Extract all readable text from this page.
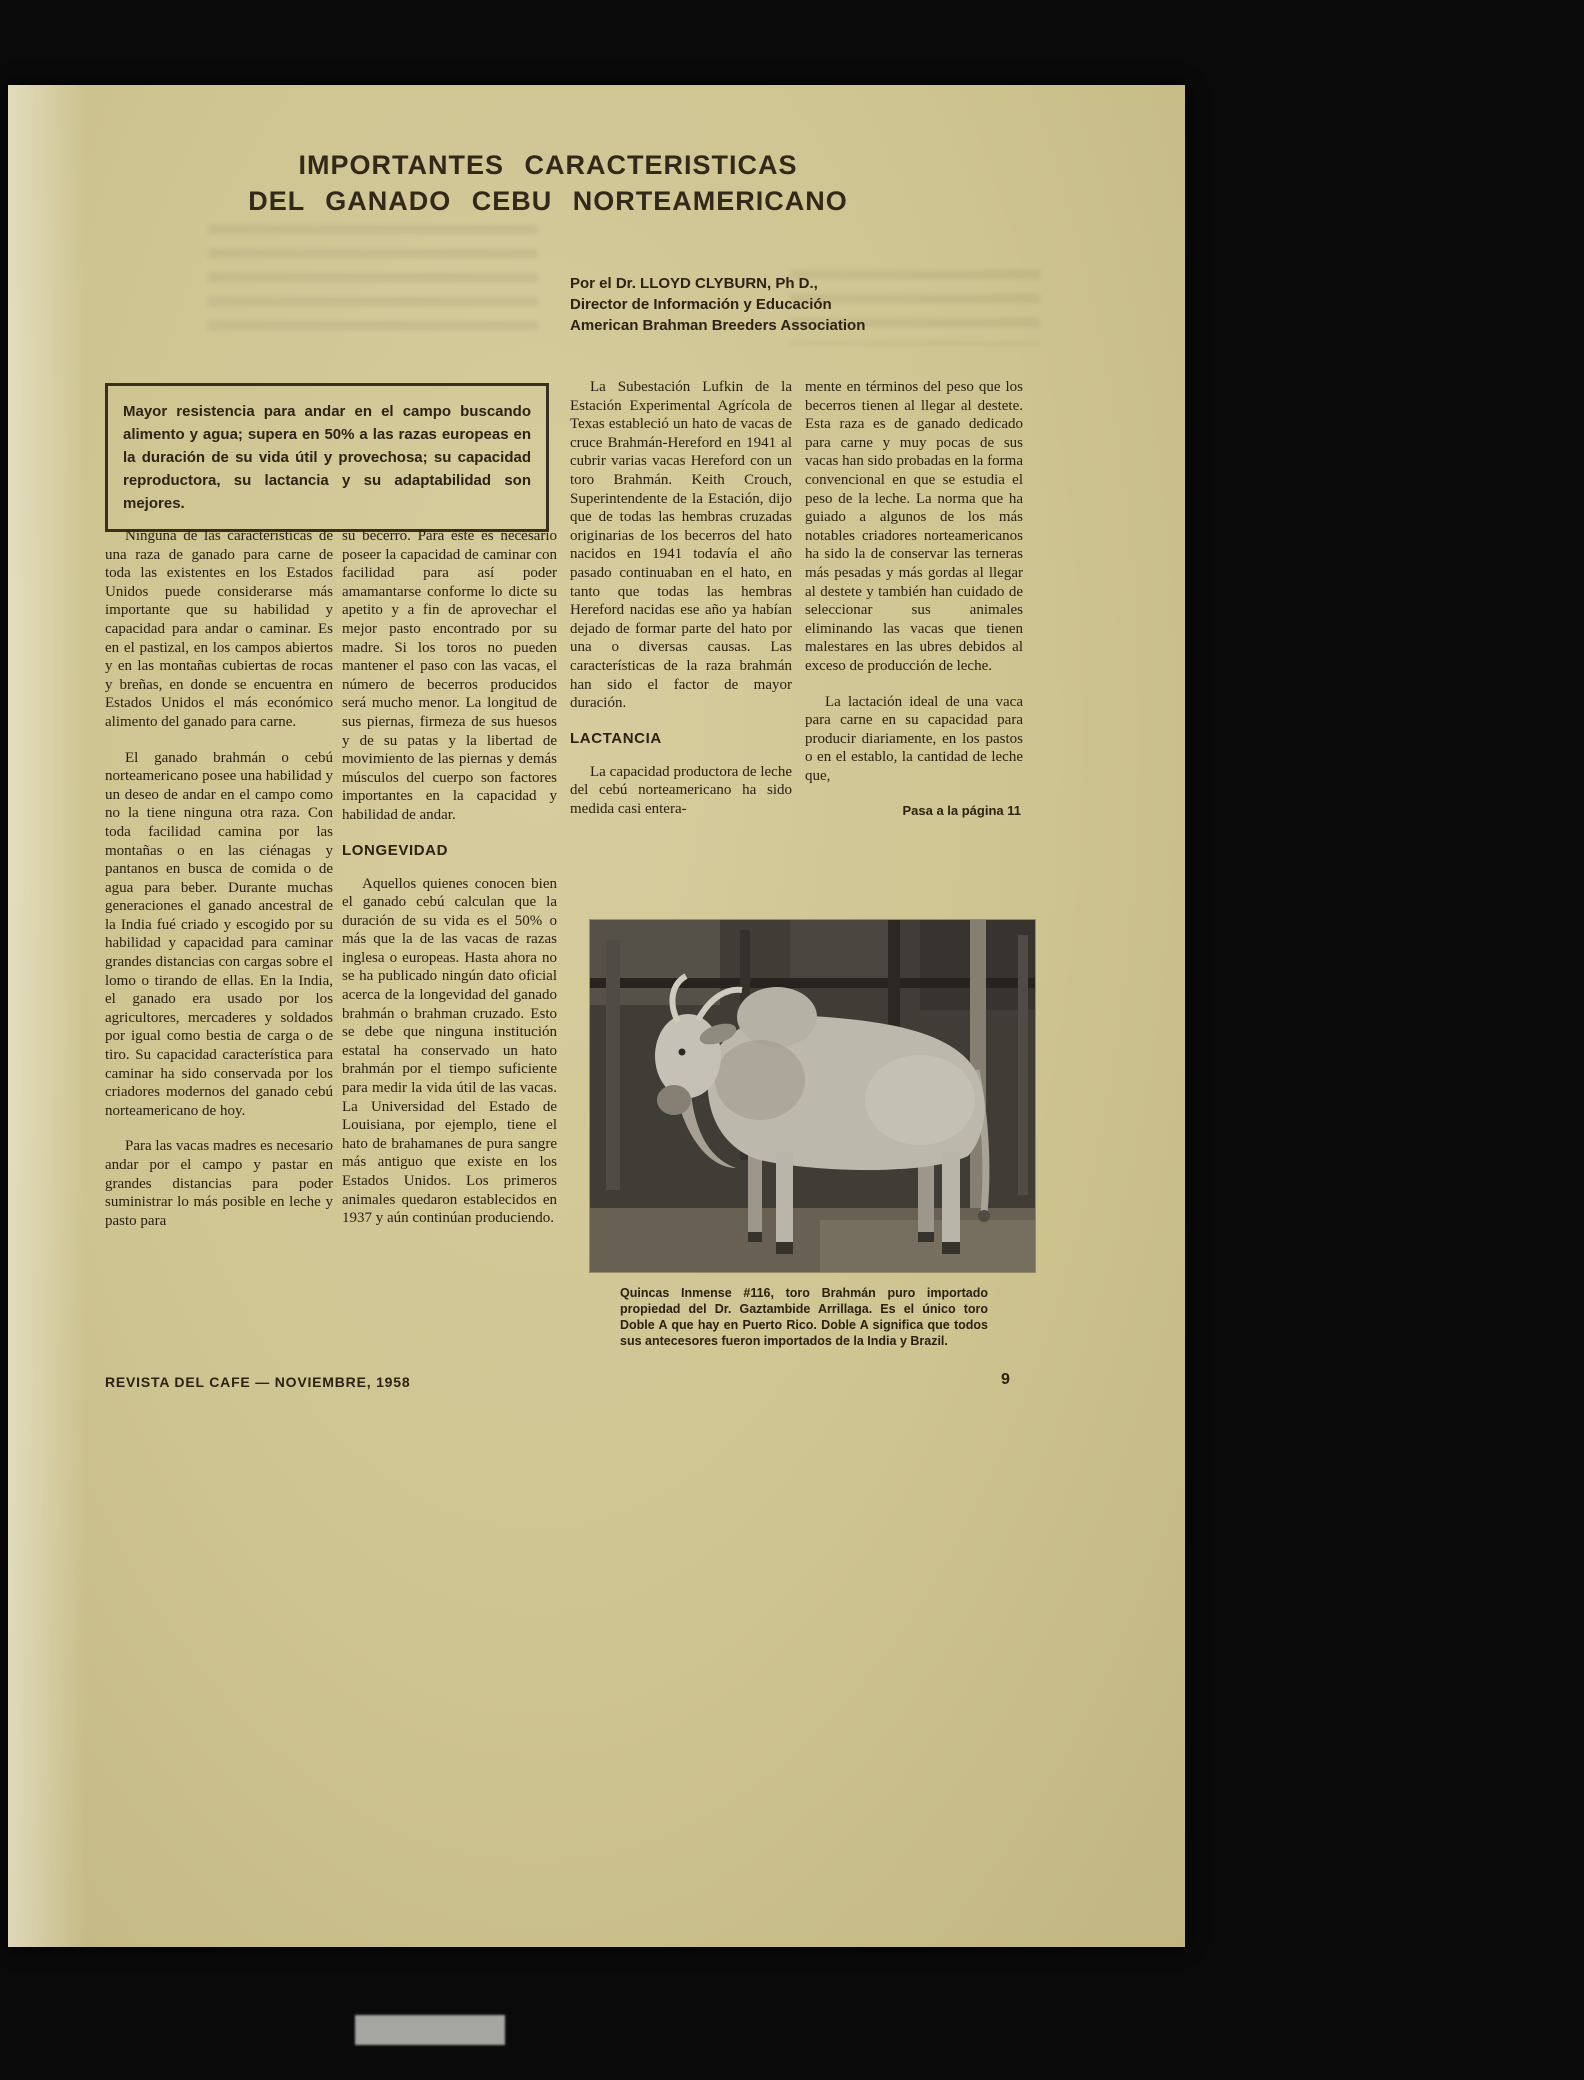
IMPORTANTES CARACTERISTICAS
DEL GANADO CEBU NORTEAMERICANO
Por el Dr. LLOYD CLYBURN, Ph D.,
Director de Información y Educación
American Brahman Breeders Association
Mayor resistencia para andar en el campo buscando alimento y agua; supera en 50% a las razas europeas en la duración de su vida útil y provechosa; su capacidad reproductora, su lactancia y su adaptabilidad son mejores.

Ninguna de las características de una raza de ganado para carne de toda las existentes en los Estados Unidos puede considerarse más importante que su habilidad y capacidad para andar o caminar. Es en el pastizal, en los campos abiertos y en las montañas cubiertas de rocas y breñas, en donde se encuentra en Estados Unidos el más económico alimento del ganado para carne.

El ganado brahmán o cebú norteamericano posee una habilidad y un deseo de andar en el campo como no la tiene ninguna otra raza. Con toda facilidad camina por las montañas o en las ciénagas y pantanos en busca de comida o de agua para beber. Durante muchas generaciones el ganado ancestral de la India fué criado y escogido por su habilidad y capacidad para caminar grandes distancias con cargas sobre el lomo o tirando de ellas. En la India, el ganado era usado por los agricultores, mercaderes y soldados por igual como bestia de carga o de tiro. Su capacidad característica para caminar ha sido conservada por los criadores modernos del ganado cebú norteamericano de hoy.

Para las vacas madres es necesario andar por el campo y pastar en grandes distancias para poder suministrar lo más posible en leche y pasto para

su becerro. Para éste es necesario poseer la capacidad de caminar con facilidad para así poder amamantarse conforme lo dicte su apetito y a fin de aprovechar el mejor pasto encontrado por su madre. Si los toros no pueden mantener el paso con las vacas, el número de becerros producidos será mucho menor. La longitud de sus piernas, firmeza de sus huesos y de su patas y la libertad de movimiento de las piernas y demás músculos del cuerpo son factores importantes en la capacidad y habilidad de andar.

LONGEVIDAD

Aquellos quienes conocen bien el ganado cebú calculan que la duración de su vida es el 50% o más que la de las vacas de razas inglesa o europeas. Hasta ahora no se ha publicado ningún dato oficial acerca de la longevidad del ganado brahmán o brahman cruzado. Esto se debe que ninguna institución estatal ha conservado un hato brahmán por el tiempo suficiente para medir la vida útil de las vacas. La Universidad del Estado de Louisiana, por ejemplo, tiene el hato de brahamanes de pura sangre más antiguo que existe en los Estados Unidos. Los primeros animales quedaron establecidos en 1937 y aún continúan produciendo.

La Subestación Lufkin de la Estación Experimental Agrícola de Texas estableció un hato de vacas de cruce Brahmán-Hereford en 1941 al cubrir varias vacas Hereford con un toro Brahmán. Keith Crouch, Superintendente de la Estación, dijo que de todas las hembras cruzadas originarias de los becerros del hato nacidos en 1941 todavía el año pasado continuaban en el hato, en tanto que todas las hembras Hereford nacidas ese año ya habían dejado de formar parte del hato por una o diversas causas. Las características de la raza brahmán han sido el factor de mayor duración.

LACTANCIA

La capacidad productora de leche del cebú norteamericano ha sido medida casi entera-

mente en términos del peso que los becerros tienen al llegar al destete. Esta raza es de ganado dedicado para carne y muy pocas de sus vacas han sido probadas en la forma convencional en que se estudia el peso de la leche. La norma que ha guiado a algunos de los más notables criadores norteamericanos ha sido la de conservar las terneras más pesadas y más gordas al llegar al destete y también han cuidado de seleccionar sus animales eliminando las vacas que tienen malestares en las ubres debidos al exceso de producción de leche.

La lactación ideal de una vaca para carne en su capacidad para producir diariamente, en los pastos o en el establo, la cantidad de leche que,

Pasa a la página 11
Quincas Inmense #116, toro Brahmán puro importado propiedad del Dr. Gaztambide Arrillaga. Es el único toro Doble A que hay en Puerto Rico. Doble A significa que todos sus antecesores fueron importados de la India y Brazil.
REVISTA DEL CAFE — NOVIEMBRE, 1958	9
